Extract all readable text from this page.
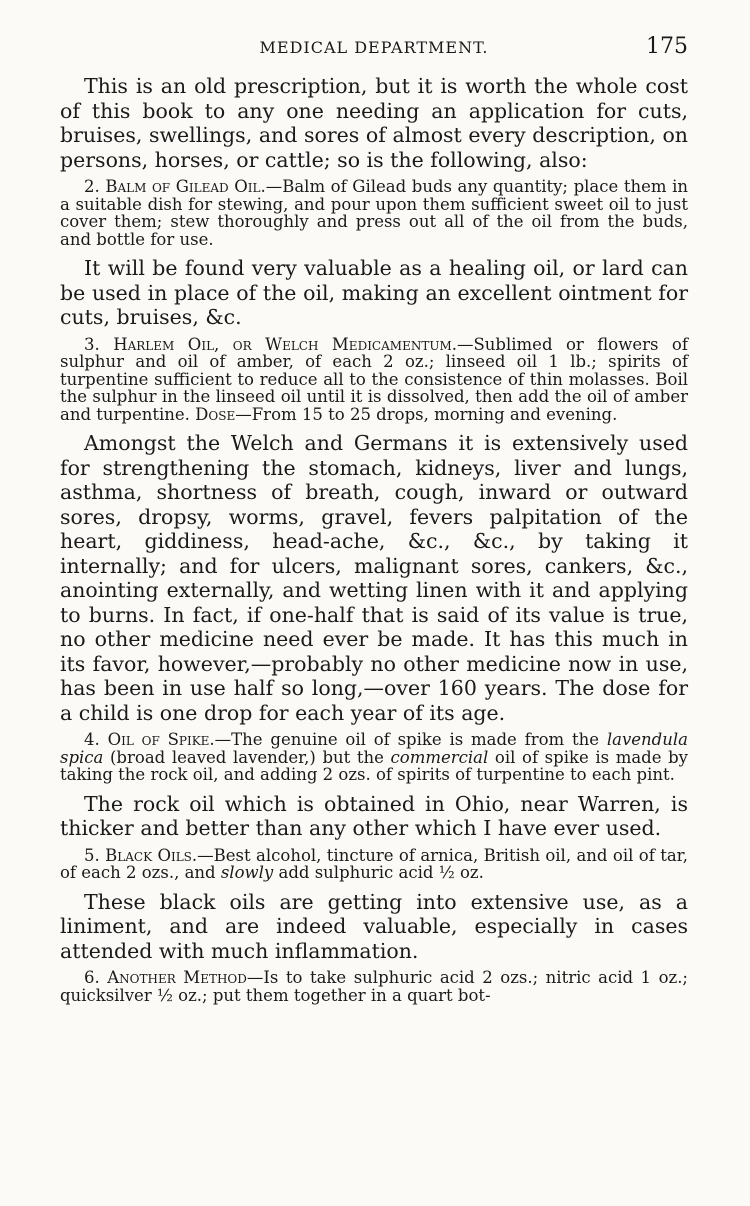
MEDICAL DEPARTMENT.	175

This is an old prescription, but it is worth the whole cost of this book to any one needing an application for cuts, bruises, swellings, and sores of almost every description, on persons, horses, or cattle; so is the following, also:

2. Balm of Gilead Oil.—Balm of Gilead buds any quantity; place them in a suitable dish for stewing, and pour upon them sufficient sweet oil to just cover them; stew thoroughly and press out all of the oil from the buds, and bottle for use.

It will be found very valuable as a healing oil, or lard can be used in place of the oil, making an excellent ointment for cuts, bruises, &c.

3. Harlem Oil, or Welch Medicamentum.—Sublimed or flowers of sulphur and oil of amber, of each 2 oz.; linseed oil 1 lb.; spirits of turpentine sufficient to reduce all to the consistence of thin molasses. Boil the sulphur in the linseed oil until it is dissolved, then add the oil of amber and turpentine. Dose—From 15 to 25 drops, morning and evening.

Amongst the Welch and Germans it is extensively used for strengthening the stomach, kidneys, liver and lungs, asthma, shortness of breath, cough, inward or outward sores, dropsy, worms, gravel, fevers palpitation of the heart, giddiness, head-ache, &c., &c., by taking it internally; and for ulcers, malignant sores, cankers, &c., anointing externally, and wetting linen with it and applying to burns. In fact, if one-half that is said of its value is true, no other medicine need ever be made. It has this much in its favor, however,—probably no other medicine now in use, has been in use half so long,—over 160 years. The dose for a child is one drop for each year of its age.

4. Oil of Spike.—The genuine oil of spike is made from the lavendula spica (broad leaved lavender,) but the commercial oil of spike is made by taking the rock oil, and adding 2 ozs. of spirits of turpentine to each pint.

The rock oil which is obtained in Ohio, near Warren, is thicker and better than any other which I have ever used.

5. Black Oils.—Best alcohol, tincture of arnica, British oil, and oil of tar, of each 2 ozs., and slowly add sulphuric acid ½ oz.

These black oils are getting into extensive use, as a liniment, and are indeed valuable, especially in cases attended with much inflammation.

6. Another Method—Is to take sulphuric acid 2 ozs.; nitric acid 1 oz.; quicksilver ½ oz.; put them together in a quart bot-
